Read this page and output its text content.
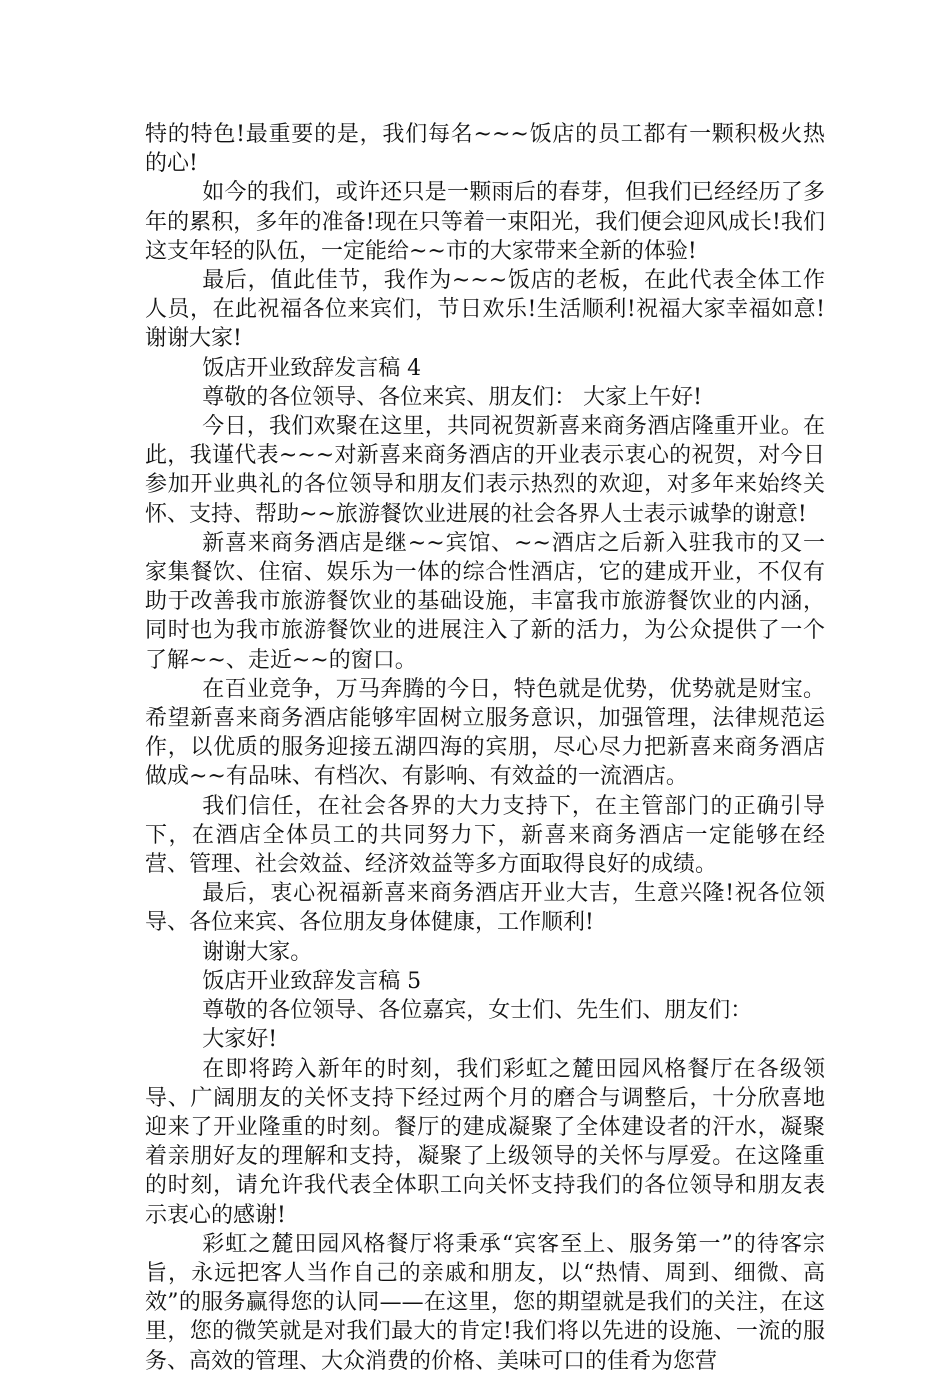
特的特色!最重要的是，我们每名~~~饭店的员工都有一颗积极火热的心!

如今的我们，或许还只是一颗雨后的春芽，但我们已经经历了多年的累积，多年的准备!现在只等着一束阳光，我们便会迎风成长!我们这支年轻的队伍，一定能给~~市的大家带来全新的体验!

最后，值此佳节，我作为~~~饭店的老板，在此代表全体工作人员，在此祝福各位来宾们，节日欢乐!生活顺利!祝福大家幸福如意!谢谢大家!

饭店开业致辞发言稿 4

尊敬的各位领导、各位来宾、朋友们： 大家上午好!

今日，我们欢聚在这里，共同祝贺新喜来商务酒店隆重开业。在此，我谨代表~~~对新喜来商务酒店的开业表示衷心的祝贺，对今日参加开业典礼的各位领导和朋友们表示热烈的欢迎，对多年来始终关怀、支持、帮助~~旅游餐饮业进展的社会各界人士表示诚挚的谢意!

新喜来商务酒店是继~~宾馆、~~酒店之后新入驻我市的又一家集餐饮、住宿、娱乐为一体的综合性酒店，它的建成开业，不仅有助于改善我市旅游餐饮业的基础设施，丰富我市旅游餐饮业的内涵，同时也为我市旅游餐饮业的进展注入了新的活力，为公众提供了一个了解~~、走近~~的窗口。

在百业竞争，万马奔腾的今日，特色就是优势，优势就是财宝。希望新喜来商务酒店能够牢固树立服务意识，加强管理，法律规范运作，以优质的服务迎接五湖四海的宾朋，尽心尽力把新喜来商务酒店做成~~有品味、有档次、有影响、有效益的一流酒店。

我们信任，在社会各界的大力支持下，在主管部门的正确引导下，在酒店全体员工的共同努力下，新喜来商务酒店一定能够在经营、管理、社会效益、经济效益等多方面取得良好的成绩。

最后，衷心祝福新喜来商务酒店开业大吉，生意兴隆!祝各位领导、各位来宾、各位朋友身体健康，工作顺利!

谢谢大家。

饭店开业致辞发言稿 5

尊敬的各位领导、各位嘉宾，女士们、先生们、朋友们：

大家好!

在即将跨入新年的时刻，我们彩虹之麓田园风格餐厅在各级领导、广阔朋友的关怀支持下经过两个月的磨合与调整后，十分欣喜地迎来了开业隆重的时刻。餐厅的建成凝聚了全体建设者的汗水，凝聚着亲朋好友的理解和支持，凝聚了上级领导的关怀与厚爱。在这隆重的时刻，请允许我代表全体职工向关怀支持我们的各位领导和朋友表示衷心的感谢!

彩虹之麓田园风格餐厅将秉承“宾客至上、服务第一”的待客宗旨，永远把客人当作自己的亲戚和朋友，以“热情、周到、细微、高效”的服务赢得您的认同——在这里，您的期望就是我们的关注，在这里，您的微笑就是对我们最大的肯定!我们将以先进的设施、一流的服务、高效的管理、大众消费的价格、美味可口的佳肴为您营
